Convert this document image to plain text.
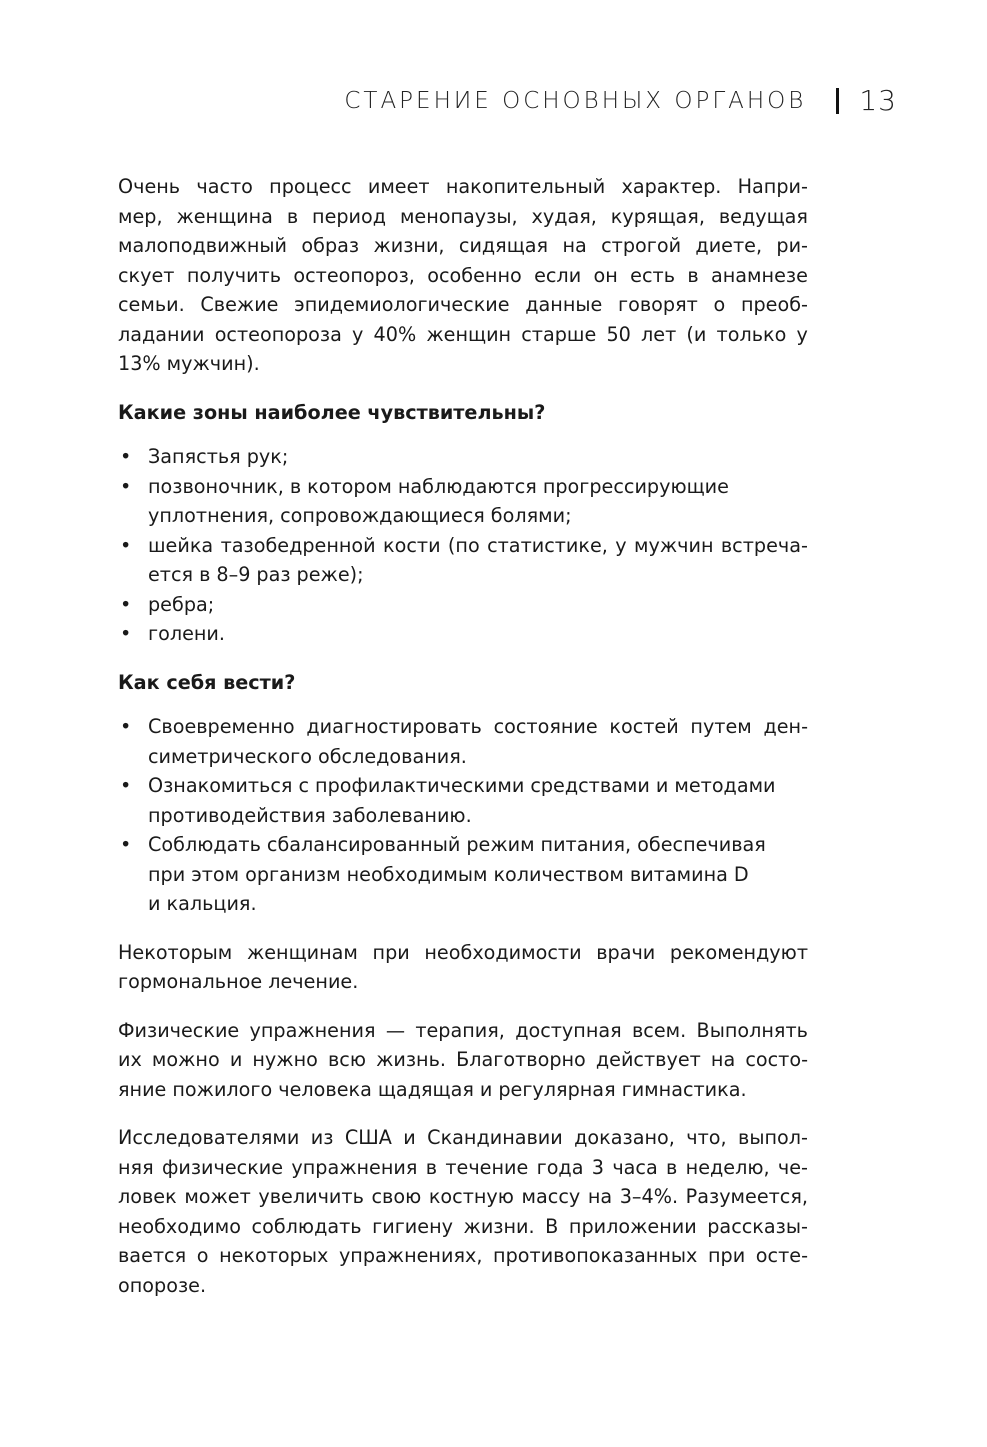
СТАРЕНИЕ ОСНОВНЫХ ОРГАНОВ 13
Очень часто процесс имеет накопительный характер. Напри-
мер, женщина в период менопаузы, худая, курящая, ведущая
малоподвижный образ жизни, сидящая на строгой диете, ри-
скует получить остеопороз, особенно если он есть в анамнезе
семьи. Свежие эпидемиологические данные говорят о преоб-
ладании остеопороза у 40% женщин старше 50 лет (и только у
13% мужчин).
Какие зоны наиболее чувствительны?
• Запястья рук;
• позвоночник, в котором наблюдаются прогрессирующие
уплотнения, сопровождающиеся болями;
• шейка тазобедренной кости (по статистике, у мужчин встреча-
ется в 8–9 раз реже);
• ребра;
• голени.
Как себя вести?
• Своевременно диагностировать состояние костей путем ден-
симетрического обследования.
• Ознакомиться с профилактическими средствами и методами
противодействия заболеванию.
• Соблюдать сбалансированный режим питания, обеспечивая
при этом организм необходимым количеством витамина D
и кальция.
Некоторым женщинам при необходимости врачи рекомендуют
гормональное лечение.
Физические упражнения — терапия, доступная всем. Выполнять
их можно и нужно всю жизнь. Благотворно действует на состо-
яние пожилого человека щадящая и регулярная гимнастика.
Исследователями из США и Скандинавии доказано, что, выпол-
няя физические упражнения в течение года 3 часа в неделю, че-
ловек может увеличить свою костную массу на 3–4%. Разумеется,
необходимо соблюдать гигиену жизни. В приложении рассказы-
вается о некоторых упражнениях, противопоказанных при осте-
опорозе.
